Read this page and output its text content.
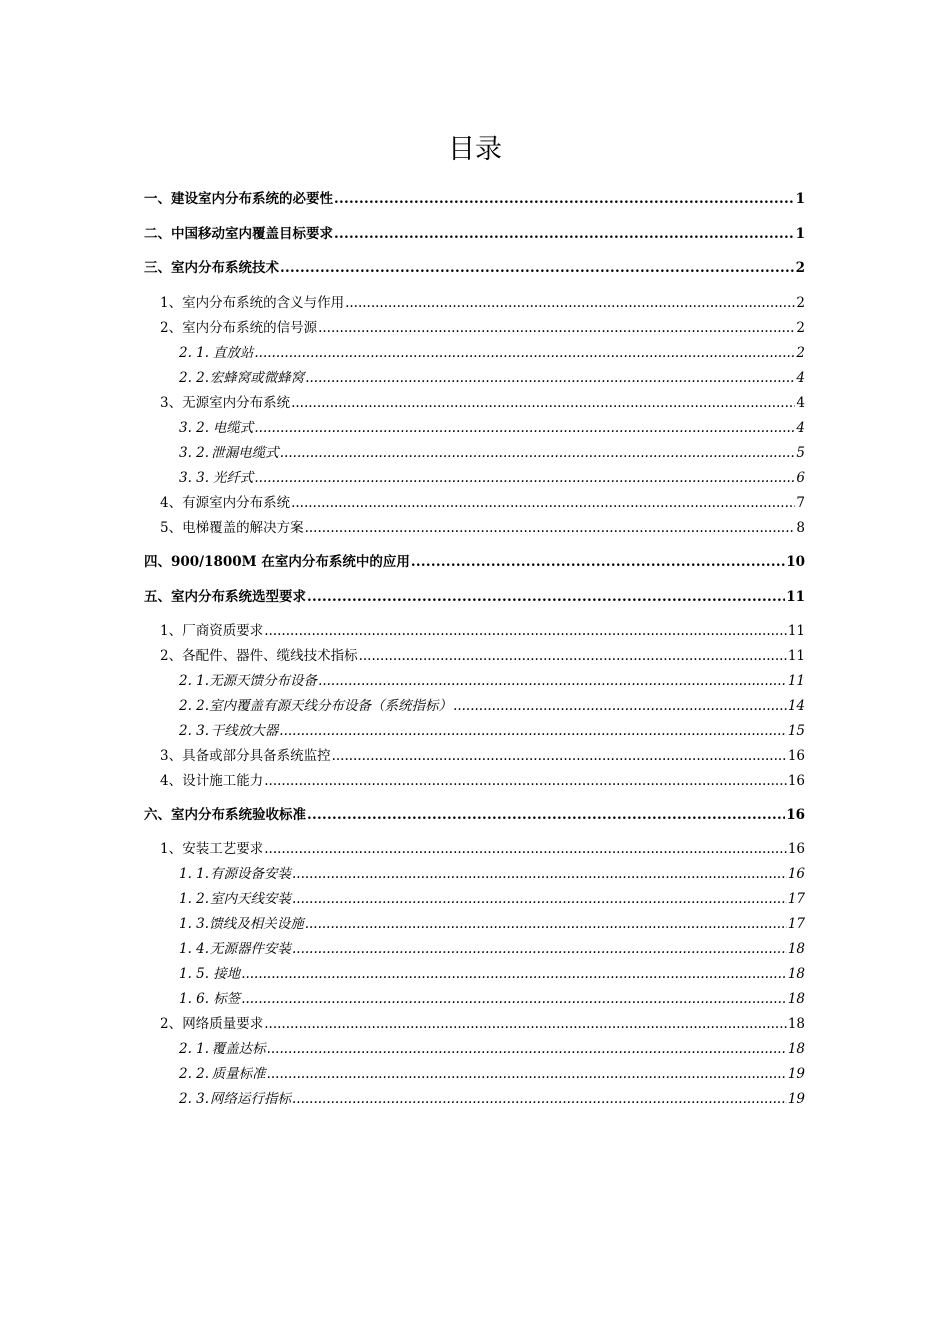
目录
一、 建设室内分布系统的必要性 .....	1
二、 中国移动室内覆盖目标要求 .....	1
三、 室内分布系统技术 .....	2
1、 室内分布系统的含义与作用 .....	2
2、 室内分布系统的信号源 .....	2
2. 1. 直放站 .....	2
2. 2. 宏蜂窝或微蜂窝 .....	4
3、 无源室内分布系统 .....	4
3. 2. 电缆式 .....	4
3. 2. 泄漏电缆式 .....	5
3. 3. 光纤式 .....	6
4、 有源室内分布系统 .....	7
5、 电梯覆盖的解决方案 .....	8
四、 900/1800M 在室内分布系统中的应用 .....	10
五、 室内分布系统选型要求 .....	11
1、 厂商资质要求 .....	11
2、 各配件、器件、缆线技术指标 .....	11
2. 1. 无源天馈分布设备 .....	11
2. 2. 室内覆盖有源天线分布设备（系统指标） .....	14
2. 3. 干线放大器 .....	15
3、 具备或部分具备系统监控 .....	16
4、 设计施工能力 .....	16
六、 室内分布系统验收标准 .....	16
1、 安装工艺要求 .....	16
1. 1. 有源设备安装 .....	16
1. 2. 室内天线安装 .....	17
1. 3. 馈线及相关设施 .....	17
1. 4. 无源器件安装 .....	18
1. 5. 接地 .....	18
1. 6. 标签 .....	18
2、 网络质量要求 .....	18
2. 1. 覆盖达标 .....	18
2. 2. 质量标准 .....	19
2. 3. 网络运行指标 .....	19
